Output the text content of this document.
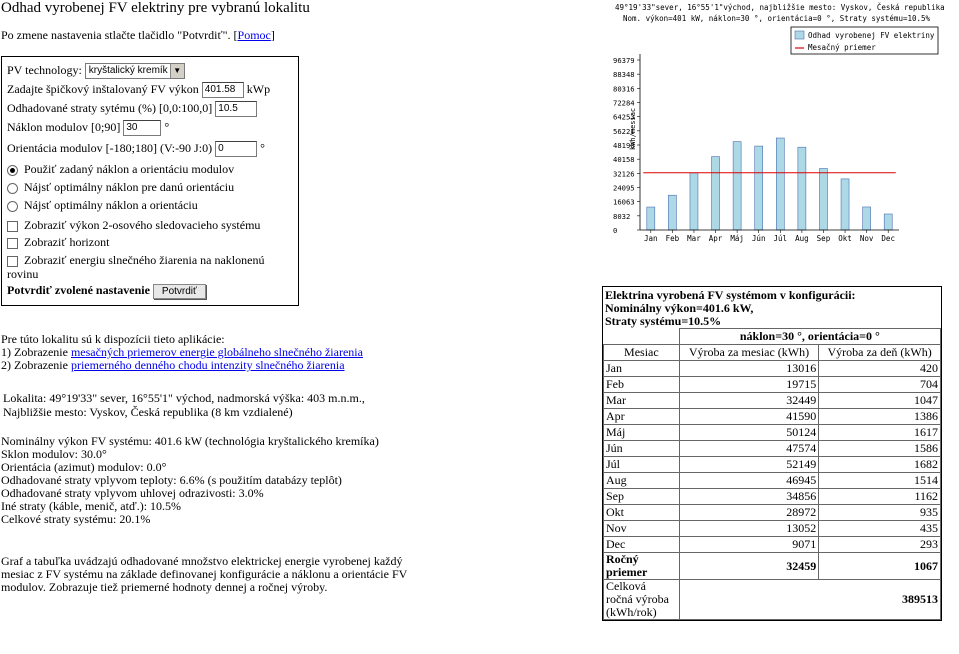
Odhad vyrobenej FV elektriny pre vybranú lokalitu
Po zmene nastavenia stlačte tlačidlo "Potvrdiť". [Pomoc]
PV technology: kryštalický kremík ▼
Zadajte špičkový inštalovaný FV výkon 401.58 kWp
Odhadované straty sytému (%) [0,0:100,0] 10.5
Náklon modulov [0;90] 30 °
Orientácia modulov [-180;180] (V:-90 J:0) 0	°
Použiť zadaný náklon a orientáciu modulov
Nájsť optimálny náklon pre danú orientáciu
Nájsť optimálny náklon a orientáciu
Zobraziť výkon 2-osového sledovacieho systému
Zobraziť horizont
Zobraziť energiu slnečného žiarenia na naklonenú
rovinu
Potvrdiť zvolené nastavenie Potvrdiť
Pre túto lokalitu sú k dispozícii tieto aplikácie:
1) Zobrazenie mesačných priemerov energie globálneho slnečného žiarenia
2) Zobrazenie priemerného denného chodu intenzity slnečného žiarenia
Lokalita: 49°19'33" sever, 16°55'1" východ, nadmorská výška: 403 m.n.m.,
Najbližšie mesto: Vyskov, Česká republika (8 km vzdialené)
Nominálny výkon FV systému: 401.6 kW (technológia kryštalického kremíka)
Sklon modulov: 30.0°
Orientácia (azimut) modulov: 0.0°
Odhadované straty vplyvom teploty: 6.6% (s použitím databázy teplôt)
Odhadované straty vplyvom uhlovej odrazivosti: 3.0%
Iné straty (káble, menič, atď.): 10.5%
Celkové straty systému: 20.1%
Graf a tabuľka uvádzajú odhadované množstvo elektrickej energie vyrobenej každý
mesiac z FV systému na základe definovanej konfigurácie a náklonu a orientácie FV
modulov. Zobrazuje tiež priemerné hodnoty dennej a ročnej výroby.
49°19'33"sever, 16°55'1"východ, najbližšie mesto: Vyskov, Česká republika
Nom. výkon=401 kW, náklon=30 °, orientácia=0 °, Straty systému=10.5%
Odhad vyrobenej FV elektriny
Mesačný priemer
0
8032
16063
24095
32126
40158
48190
56221
64253
72284
80316
88348
96379
Jan Feb Mar Apr Máj Jún Júl Aug Sep Okt Nov Dec
kWh/mesiac
Elektrina vyrobená FV systémom v konfigurácii:
Nominálny výkon=401.6 kW,
Straty systému=10.5%
	náklon=30 °, orientácia=0 °	
Mesiac	Výroba za mesiac (kWh)	Výroba za deň (kWh)
Jan	13016	420
Feb	19715	704
Mar	32449	1047
Apr	41590	1386
Máj	50124	1617
Jún	47574	1586
Júl	52149	1682
Aug	46945	1514
Sep	34856	1162
Okt	28972	935
Nov	13052	435
Dec	9071	293

Ročný
priemer	32459	1067

Celková
ročná výroba
(kWh/rok)	389513	
